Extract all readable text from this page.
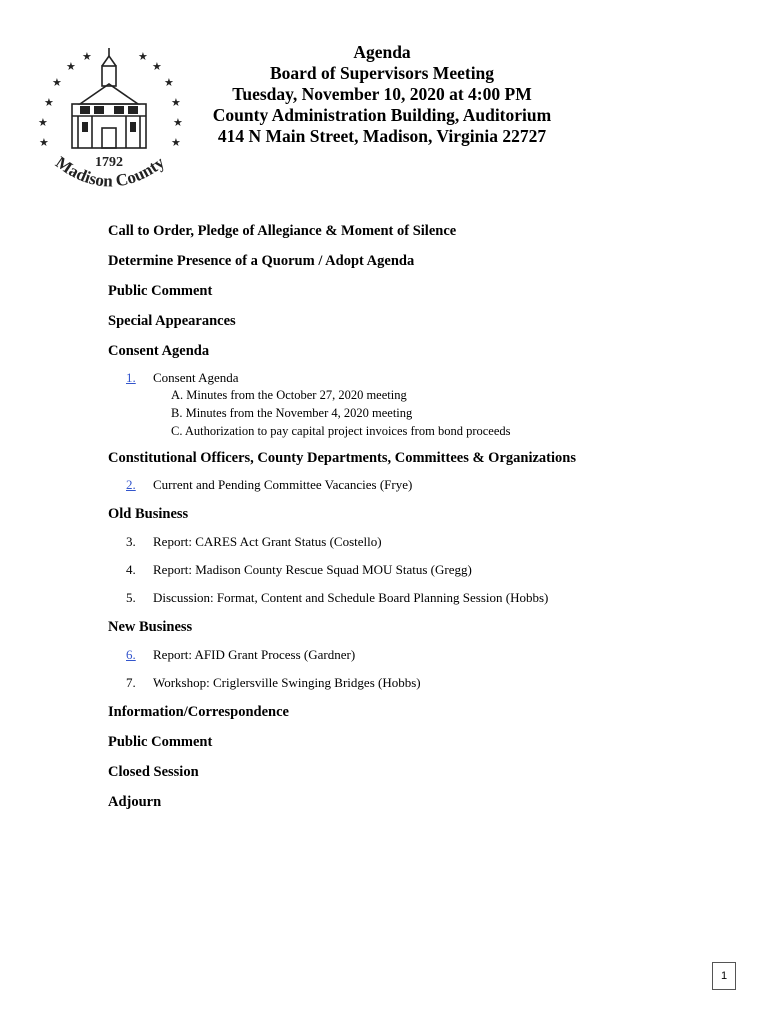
★
★
★
★	★
★
★
★
★
★
★
★
1792
Madison County
Agenda
Board of Supervisors Meeting
Tuesday, November 10, 2020 at 4:00 PM
County Administration Building, Auditorium
414 N Main Street, Madison, Virginia 22727
Call to Order, Pledge of Allegiance & Moment of Silence
Determine Presence of a Quorum / Adopt Agenda
Public Comment
Special Appearances
Consent Agenda
1. Consent Agenda
A. Minutes from the October 27, 2020 meeting
B. Minutes from the November 4, 2020 meeting
C. Authorization to pay capital project invoices from bond proceeds
Constitutional Officers, County Departments, Committees & Organizations
2. Current and Pending Committee Vacancies (Frye)
Old Business
3. Report: CARES Act Grant Status (Costello)
4. Report: Madison County Rescue Squad MOU Status (Gregg)
5. Discussion: Format, Content and Schedule Board Planning Session (Hobbs)
New Business
6. Report: AFID Grant Process (Gardner)
7. Workshop: Criglersville Swinging Bridges (Hobbs)
Information/Correspondence
Public Comment
Closed Session
Adjourn
1
